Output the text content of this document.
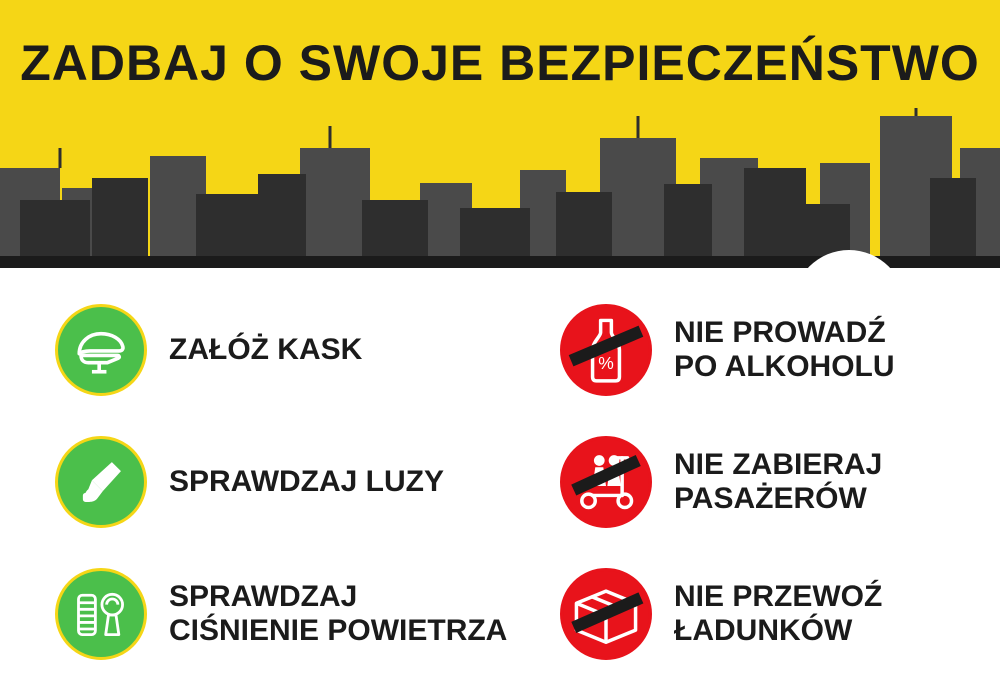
ZADBAJ O SWOJE BEZPIECZEŃSTWO
ZAŁÓŻ KASK
SPRAWDZAJ LUZY
SPRAWDZAJ
CIŚNIENIE POWIETRZA
%
NIE PROWADŹ
PO ALKOHOLU
NIE ZABIERAJ
PASAŻERÓW
NIE PRZEWOŹ
ŁADUNKÓW
